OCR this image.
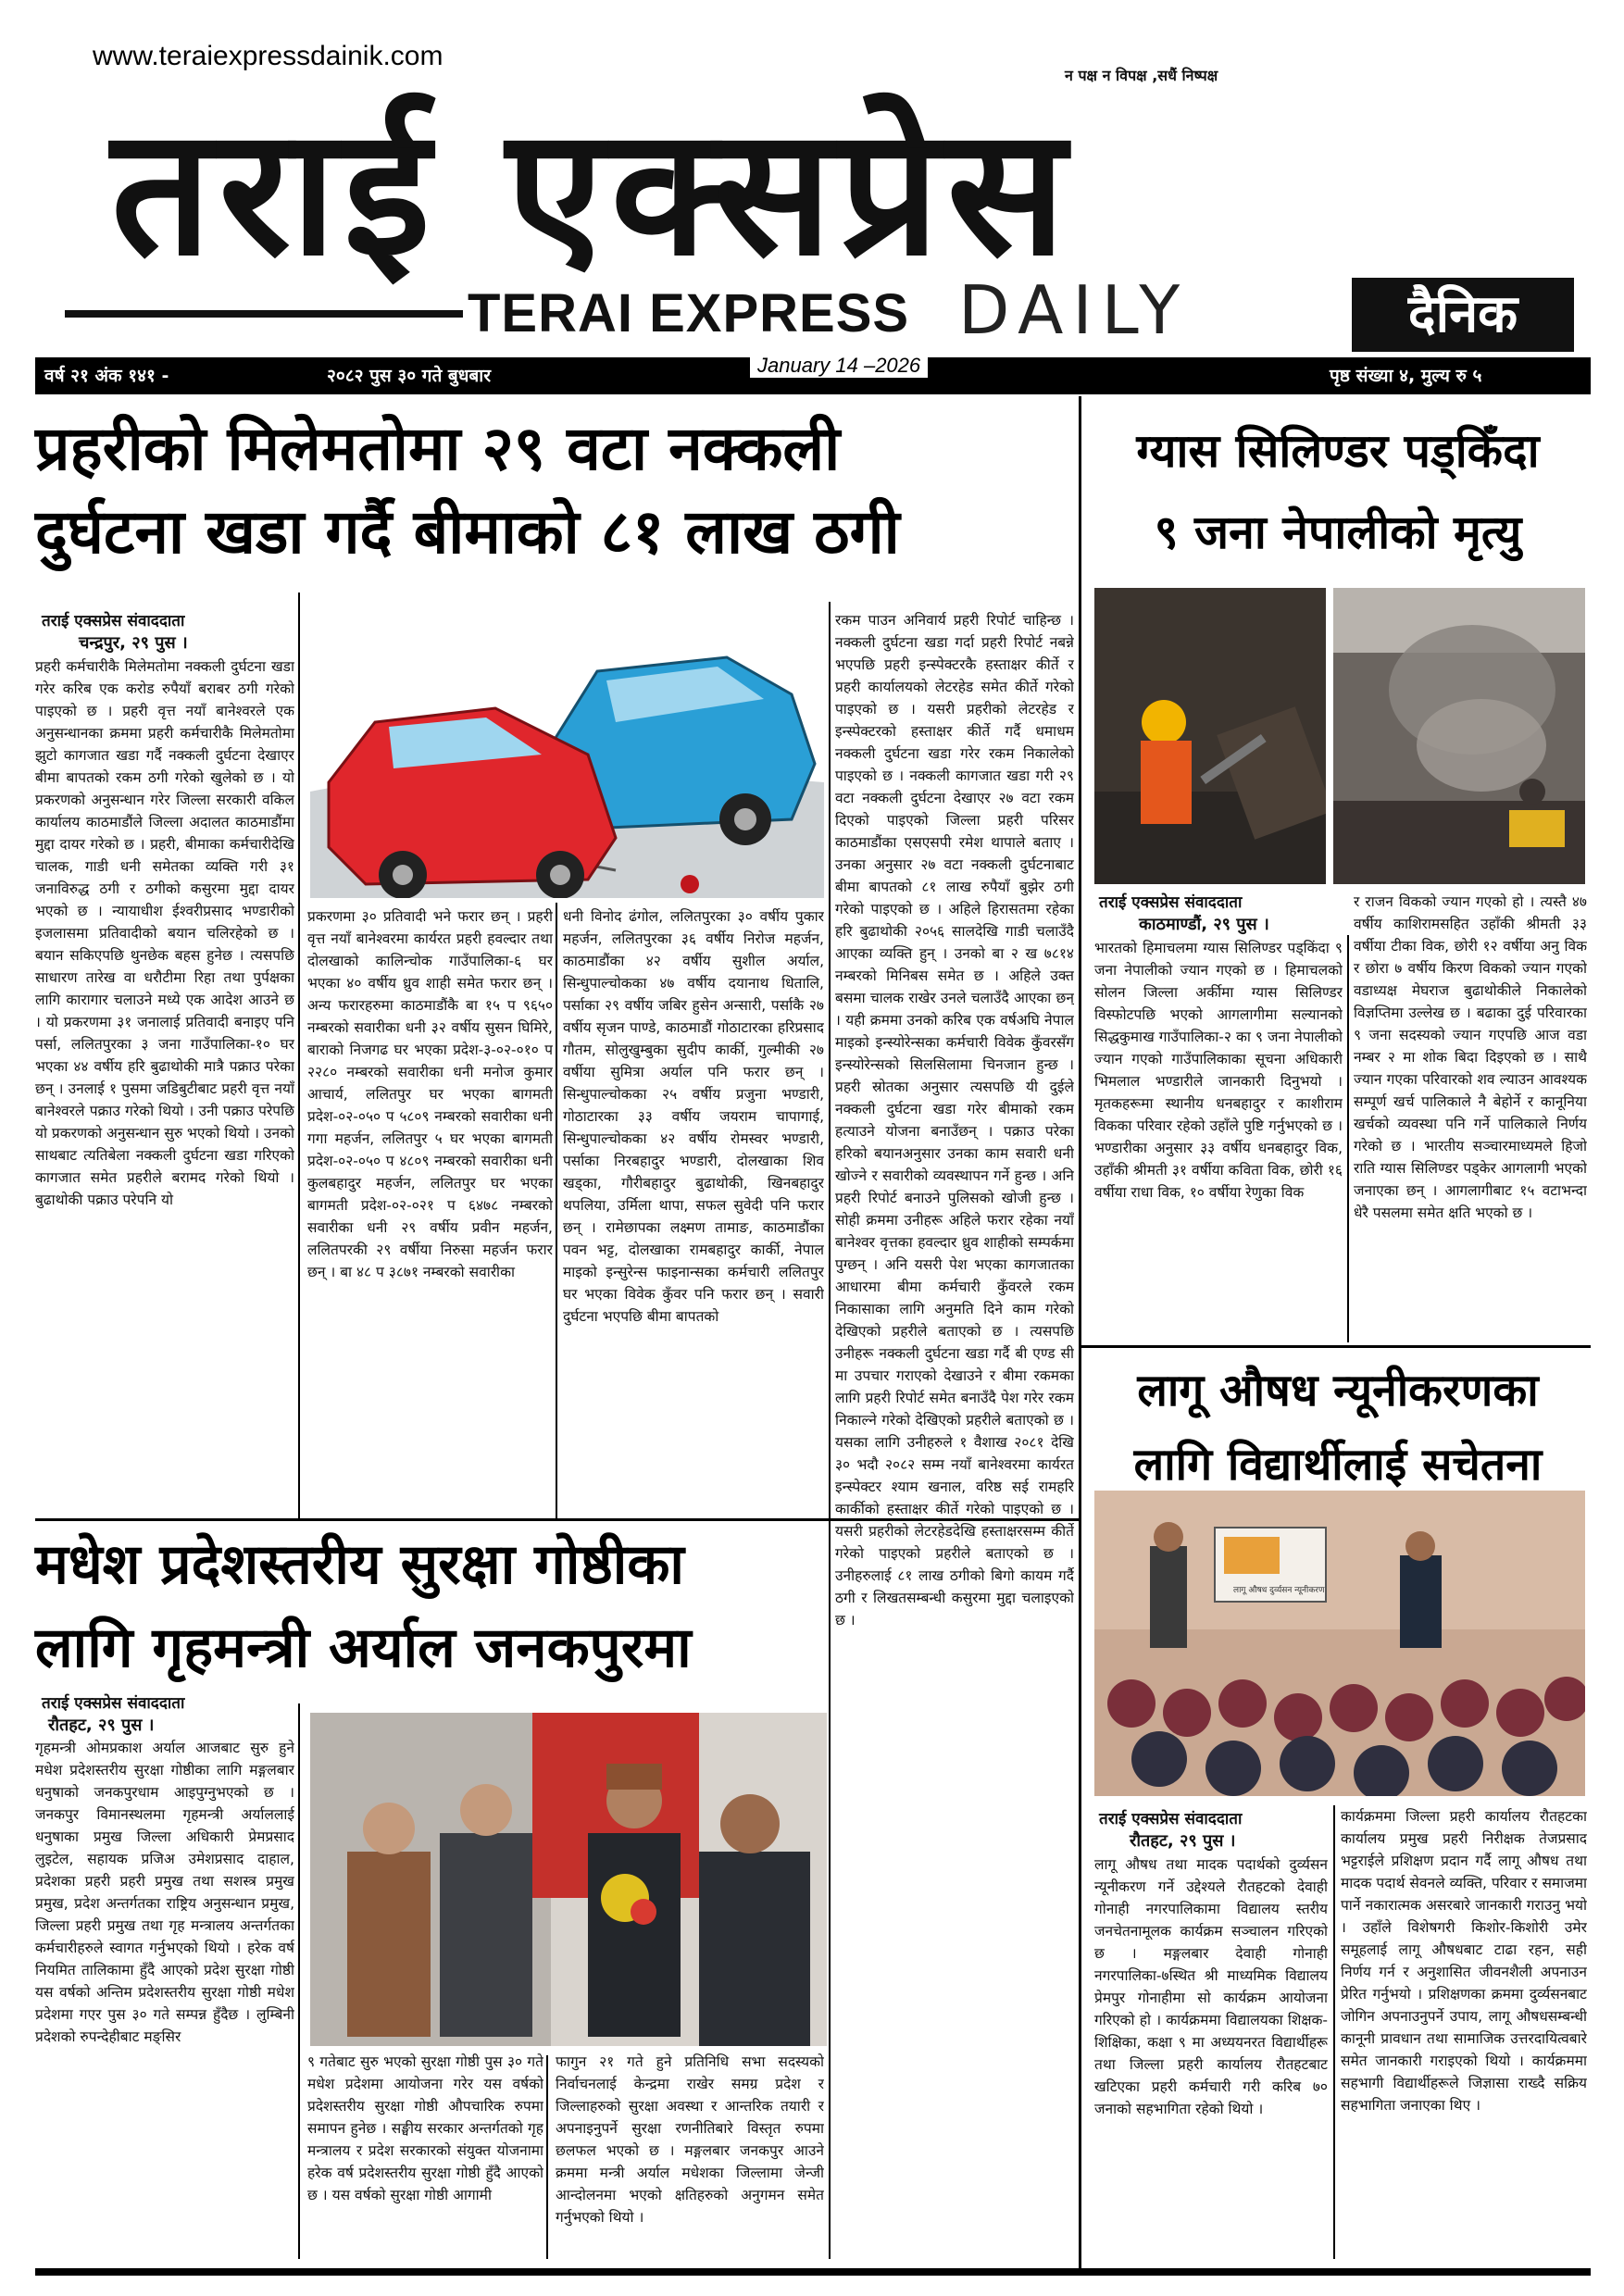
www.teraiexpressdainik.com
न पक्ष न विपक्ष ,सधैं निष्पक्ष
तराई एक्सप्रेस
TERAI EXPRESS DAILY	दैनिक
वर्ष २१ अंक १४१ -	२०८२ पुस ३० गते बुधबार	पृष्ठ संख्या ४, मुल्य रु ५
January 14 –2026
प्रहरीको मिलेमतोमा २९ वटा नक्कली
दुर्घटना खडा गर्दै बीमाको ८१ लाख ठगी
तराई एक्सप्रेस संवाददाता
चन्द्रपुर, २९ पुस ।
प्रहरी कर्मचारीकै मिलेमतोमा नक्कली दुर्घटना खडा गरेर करिब एक करोड रुपैयाँ बराबर ठगी गरेको पाइएको छ । प्रहरी वृत्त नयाँ बानेश्वरले एक अनुसन्धानका क्रममा प्रहरी कर्मचारीकै मिलेमतोमा झुटो कागजात खडा गर्दै नक्कली दुर्घटना देखाएर बीमा बापतको रकम ठगी गरेको खुलेको छ । यो प्रकरणको अनुसन्धान गरेर जिल्ला सरकारी वकिल कार्यालय काठमाडौंले जिल्ला अदालत काठमाडौंमा मुद्दा दायर गरेको छ । प्रहरी, बीमाका कर्मचारीदेखि चालक, गाडी धनी समेतका व्यक्ति गरी ३१ जनाविरुद्ध ठगी र ठगीको कसुरमा मुद्दा दायर भएको छ । न्यायाधीश ईश्वरीप्रसाद भण्डारीको इजलासमा प्रतिवादीको बयान चलिरहेको छ । बयान सकिएपछि थुनछेक बहस हुनेछ । त्यसपछि साधारण तारेख वा धरौटीमा रिहा तथा पुर्पक्षका लागि कारागार चलाउने मध्ये एक आदेश आउने छ । यो प्रकरणमा ३१ जनालाई प्रतिवादी बनाइए पनि पर्सा, ललितपुरका ३ जना गाउँपालिका-१० घर भएका ४४ वर्षीय हरि बुढाथोकी मात्रै पक्राउ परेका छन् । उनलाई १ पुसमा जडिबुटीबाट प्रहरी वृत्त नयाँ बानेश्वरले पक्राउ गरेको थियो । उनी पक्राउ परेपछि यो प्रकरणको अनुसन्धान सुरु भएको थियो । उनको साथबाट त्यतिबेला नक्कली दुर्घटना खडा गरिएको कागजात समेत प्रहरीले बरामद गरेको थियो । बुढाथोकी पक्राउ परेपनि यो
प्रकरणमा ३० प्रतिवादी भने फरार छन् । प्रहरी वृत्त नयाँ बानेश्वरमा कार्यरत प्रहरी हवल्दार तथा दोलखाको कालिन्चोक गाउँपालिका-६ घर भएका ४० वर्षीय ध्रुव शाही समेत फरार छन् । अन्य फरारहरुमा काठमाडौंकै बा १५ प ९६५० नम्बरको सवारीका धनी ३२ वर्षीय सुसन घिमिरे, बाराको निजगढ घर भएका प्रदेश-३-०२-०१० प २२८० नम्बरको सवारीका धनी मनोज कुमार आचार्य, ललितपुर घर भएका बागमती प्रदेश-०२-०५० प ५८०९ नम्बरको सवारीका धनी गगा महर्जन, ललितपुर ५ घर भएका बागमती प्रदेश-०२-०५० प ४८०९ नम्बरको सवारीका धनी कुलबहादुर महर्जन, ललितपुर घर भएका बागमती प्रदेश-०२-०२१ प ६४७८ नम्बरको सवारीका धनी २९ वर्षीय प्रवीन महर्जन, ललितपरकी २९ वर्षीया निरुसा महर्जन फरार छन् । बा ४८ प ३८७१ नम्बरको सवारीका
धनी विनोद ढंगोल, ललितपुरका ३० वर्षीय पुकार महर्जन, ललितपुरका ३६ वर्षीय निरोज महर्जन, काठमाडौंका ४२ वर्षीय सुशील अर्याल, सिन्धुपाल्चोकका ४७ वर्षीय दयानाथ धितालि, पर्साका २९ वर्षीय जबिर हुसेन अन्सारी, पर्साकै २७ वर्षीय सृजन पाण्डे, काठमाडौं गोठाटारका हरिप्रसाद गौतम, सोलुखुम्बुका सुदीप कार्की, गुल्मीकी २७ वर्षीया सुमित्रा अर्याल पनि फरार छन् । सिन्धुपाल्चोकका २५ वर्षीय प्रजुना भण्डारी, गोठाटारका ३३ वर्षीय जयराम चापागाई, सिन्धुपाल्चोकका ४२ वर्षीय रोमस्वर भण्डारी, पर्साका निरबहादुर भण्डारी, दोलखाका शिव खड्का, गौरीबहादुर बुढाथोकी, खिनबहादुर थपलिया, उर्मिला थापा, सफल सुवेदी पनि फरार छन् । रामेछापका लक्ष्मण तामाङ, काठमाडौंका पवन भट्ट, दोलखाका रामबहादुर कार्की, नेपाल माइको इन्सुरेन्स फाइनान्सका कर्मचारी ललितपुर घर भएका विवेक कुँवर पनि फरार छन् । सवारी दुर्घटना भएपछि बीमा बापतको
रकम पाउन अनिवार्य प्रहरी रिपोर्ट चाहिन्छ । नक्कली दुर्घटना खडा गर्दा प्रहरी रिपोर्ट नबन्ने भएपछि प्रहरी इन्स्पेक्टरकै हस्ताक्षर कीर्ते र प्रहरी कार्यालयको लेटरहेड समेत कीर्ते गरेको पाइएको छ । यसरी प्रहरीको लेटरहेड र इन्स्पेक्टरको हस्ताक्षर कीर्ते गर्दै धमाधम नक्कली दुर्घटना खडा गरेर रकम निकालेको पाइएको छ । नक्कली कागजात खडा गरी २९ वटा नक्कली दुर्घटना देखाएर २७ वटा रकम दिएको पाइएको जिल्ला प्रहरी परिसर काठमाडौंका एसएसपी रमेश थापाले बताए । उनका अनुसार २७ वटा नक्कली दुर्घटनाबाट बीमा बापतको ८१ लाख रुपैयाँ बुझेर ठगी गरेको पाइएको छ । अहिले हिरासतमा रहेका हरि बुढाथोकी २०५६ सालदेखि गाडी चलाउँदै आएका व्यक्ति हुन् । उनको बा २ ख ७८१४ नम्बरको मिनिबस समेत छ । अहिले उक्त बसमा चालक राखेर उनले चलाउँदै आएका छन् । यही क्रममा उनको करिब एक वर्षअघि नेपाल माइको इन्स्योरेन्सका कर्मचारी विवेक कुँवरसँग इन्स्योरेन्सको सिलसिलामा चिनजान हुन्छ । प्रहरी स्रोतका अनुसार त्यसपछि यी दुईले नक्कली दुर्घटना खडा गरेर बीमाको रकम हत्याउने योजना बनाउँछन् । पक्राउ परेका हरिको बयानअनुसार उनका काम सवारी धनी खोज्ने र सवारीको व्यवस्थापन गर्ने हुन्छ । अनि प्रहरी रिपोर्ट बनाउने पुलिसको खोजी हुन्छ । सोही क्रममा उनीहरू अहिले फरार रहेका नयाँ बानेश्वर वृत्तका हवल्दार ध्रुव शाहीको सम्पर्कमा पुग्छन् । अनि यसरी पेश भएका कागजातका आधारमा बीमा कर्मचारी कुँवरले रकम निकासाका लागि अनुमति दिने काम गरेको देखिएको प्रहरीले बताएको छ । त्यसपछि उनीहरू नक्कली दुर्घटना खडा गर्दै बी एण्ड सी मा उपचार गराएको देखाउने र बीमा रकमका लागि प्रहरी रिपोर्ट समेत बनाउँदै पेश गरेर रकम निकाल्ने गरेको देखिएको प्रहरीले बताएको छ । यसका लागि उनीहरुले १ वैशाख २०८१ देखि ३० भदौ २०८२ सम्म नयाँ बानेश्वरमा कार्यरत इन्स्पेक्टर श्याम खनाल, वरिष्ठ सई रामहरि कार्कीको हस्ताक्षर कीर्ते गरेको पाइएको छ । यसरी प्रहरीको लेटरहेडदेखि हस्ताक्षरसम्म कीर्ते गरेको पाइएको प्रहरीले बताएको छ । उनीहरुलाई ८१ लाख ठगीको बिगो कायम गर्दै ठगी र लिखतसम्बन्धी कसुरमा मुद्दा चलाइएको छ ।
ग्यास सिलिण्डर पड्किँदा
९ जना नेपालीको मृत्यु
तराई एक्सप्रेस संवाददाता
काठमाण्डौं, २९ पुस ।
भारतको हिमाचलमा ग्यास सिलिण्डर पड्किंदा ९ जना नेपालीको ज्यान गएको छ । हिमाचलको सोलन जिल्ला अर्कीमा ग्यास सिलिण्डर विस्फोटपछि भएको आगलागीमा सल्यानको सिद्धकुमाख गाउँपालिका-२ का ९ जना नेपालीको ज्यान गएको गाउँपालिकाका सूचना अधिकारी भिमलाल भण्डारीले जानकारी दिनुभयो । मृतकहरूमा स्थानीय धनबहादुर र काशीराम विकका परिवार रहेको उहाँले पुष्टि गर्नुभएको छ । भण्डारीका अनुसार ३३ वर्षीय धनबहादुर विक, उहाँकी श्रीमती ३१ वर्षीया कविता विक, छोरी १६ वर्षीया राधा विक, १० वर्षीया रेणुका विक
र राजन विकको ज्यान गएको हो । त्यस्तै ४७ वर्षीय काशिरामसहित उहाँकी श्रीमती ३३ वर्षीया टीका विक, छोरी १२ वर्षीया अनु विक र छोरा ७ वर्षीय किरण विकको ज्यान गएको वडाध्यक्ष मेघराज बुढाथोकीले निकालेको विज्ञप्तिमा उल्लेख छ । बढाका दुई परिवारका ९ जना सदस्यको ज्यान गएपछि आज वडा नम्बर २ मा शोक बिदा दिइएको छ । साथै ज्यान गएका परिवारको शव ल्याउन आवश्यक सम्पूर्ण खर्च पालिकाले नै बेहोर्ने र कानूनिया खर्चको व्यवस्था पनि गर्ने पालिकाले निर्णय गरेको छ । भारतीय सञ्चारमाध्यमले हिजो राति ग्यास सिलिण्डर पड्केर आगलागी भएको जनाएका छन् । आगलागीबाट १५ वटाभन्दा धेरै पसलमा समेत क्षति भएको छ ।
मधेश प्रदेशस्तरीय सुरक्षा गोष्ठीका
लागि गृहमन्त्री अर्याल जनकपुरमा
तराई एक्सप्रेस संवाददाता
रौतहट, २९ पुस ।
गृहमन्त्री ओमप्रकाश अर्याल आजबाट सुरु हुने मधेश प्रदेशस्तरीय सुरक्षा गोष्ठीका लागि मङ्गलबार धनुषाको जनकपुरधाम आइपुग्नुभएको छ । जनकपुर विमानस्थलमा गृहमन्त्री अर्याललाई धनुषाका प्रमुख जिल्ला अधिकारी प्रेमप्रसाद लुइटेल, सहायक प्रजिअ उमेशप्रसाद दाहाल, प्रदेशका प्रहरी प्रहरी प्रमुख तथा सशस्त्र प्रमुख प्रमुख, प्रदेश अन्तर्गतका राष्ट्रिय अनुसन्धान प्रमुख, जिल्ला प्रहरी प्रमुख तथा गृह मन्त्रालय अन्तर्गतका कर्मचारीहरुले स्वागत गर्नुभएको थियो । हरेक वर्ष नियमित तालिकामा हुँदै आएको प्रदेश सुरक्षा गोष्ठी यस वर्षको अन्तिम प्रदेशस्तरीय सुरक्षा गोष्ठी मधेश प्रदेशमा गएर पुस ३० गते सम्पन्न हुँदैछ । लुम्बिनी प्रदेशको रुपन्देहीबाट मङ्सिर
९ गतेबाट सुरु भएको सुरक्षा गोष्ठी पुस ३० गते मधेश प्रदेशमा आयोजना गरेर यस वर्षको प्रदेशस्तरीय सुरक्षा गोष्ठी औपचारिक रुपमा समापन हुनेछ । सङ्घीय सरकार अन्तर्गतको गृह मन्त्रालय र प्रदेश सरकारको संयुक्त योजनामा हरेक वर्ष प्रदेशस्तरीय सुरक्षा गोष्ठी हुँदै आएको छ । यस वर्षको सुरक्षा गोष्ठी आगामी
फागुन २१ गते हुने प्रतिनिधि सभा सदस्यको निर्वाचनलाई केन्द्रमा राखेर समग्र प्रदेश र जिल्लाहरुको सुरक्षा अवस्था र आन्तरिक तयारी र अपनाइनुपर्ने सुरक्षा रणनीतिबारे विस्तृत रुपमा छलफल भएको छ । मङ्गलबार जनकपुर आउने क्रममा मन्त्री अर्याल मधेशका जिल्लामा जेन्जी आन्दोलनमा भएको क्षतिहरुको अनुगमन समेत गर्नुभएको थियो ।
लागू औषध न्यूनीकरणका
लागि विद्यार्थीलाई सचेतना
लागू औषध दुर्व्यसन न्यूनीकरण
तराई एक्सप्रेस संवाददाता
रौतहट, २९ पुस ।
लागू औषध तथा मादक पदार्थको दुर्व्यसन न्यूनीकरण गर्ने उद्देश्यले रौतहटको देवाही गोनाही नगरपालिकामा विद्यालय स्तरीय जनचेतनामूलक कार्यक्रम सञ्चालन गरिएको छ । मङ्गलबार देवाही गोनाही नगरपालिका-७स्थित श्री माध्यमिक विद्यालय प्रेमपुर गोनाहीमा सो कार्यक्रम आयोजना गरिएको हो । कार्यक्रममा विद्यालयका शिक्षक-शिक्षिका, कक्षा ९ मा अध्ययनरत विद्यार्थीहरू तथा जिल्ला प्रहरी कार्यालय रौतहटबाट खटिएका प्रहरी कर्मचारी गरी करिब ७० जनाको सहभागिता रहेको थियो ।
कार्यक्रममा जिल्ला प्रहरी कार्यालय रौतहटका कार्यालय प्रमुख प्रहरी निरीक्षक तेजप्रसाद भट्टराईले प्रशिक्षण प्रदान गर्दै लागू औषध तथा मादक पदार्थ सेवनले व्यक्ति, परिवार र समाजमा पार्ने नकारात्मक असरबारे जानकारी गराउनु भयो । उहाँले विशेषगरी किशोर-किशोरी उमेर समूहलाई लागू औषधबाट टाढा रहन, सही निर्णय गर्न र अनुशासित जीवनशैली अपनाउन प्रेरित गर्नुभयो । प्रशिक्षणका क्रममा दुर्व्यसनबाट जोगिन अपनाउनुपर्ने उपाय, लागू औषधसम्बन्धी कानूनी प्रावधान तथा सामाजिक उत्तरदायित्वबारे समेत जानकारी गराइएको थियो । कार्यक्रममा सहभागी विद्यार्थीहरूले जिज्ञासा राख्दै सक्रिय सहभागिता जनाएका थिए ।
